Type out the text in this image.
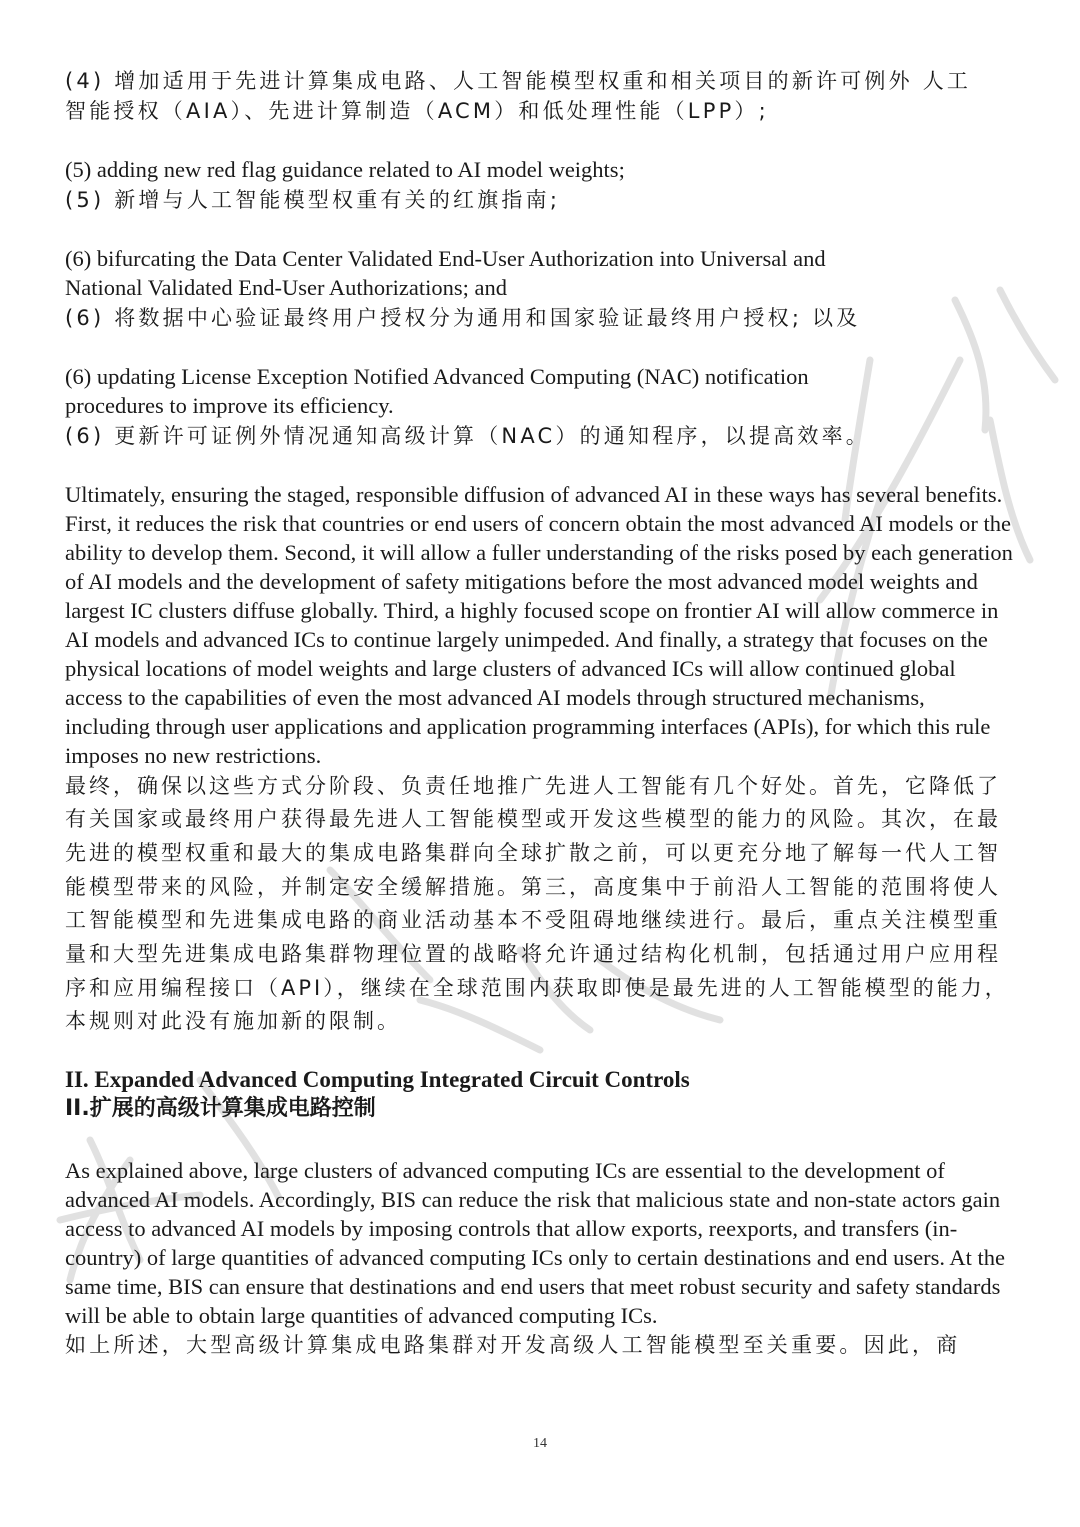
(4) 增加适用于先进计算集成电路、人工智能模型权重和相关项目的新许可例外 人工

智能授权（AIA）、先进计算制造（ACM）和低处理性能（LPP）;

(5) adding new red flag guidance related to AI model weights;

(5) 新增与人工智能模型权重有关的红旗指南;

(6) bifurcating the Data Center Validated End-User Authorization into Universal and

National Validated End-User Authorizations; and

(6) 将数据中心验证最终用户授权分为通用和国家验证最终用户授权; 以及

(6) updating License Exception Notified Advanced Computing (NAC) notification

procedures to improve its efficiency.

(6) 更新许可证例外情况通知高级计算（NAC）的通知程序，以提高效率。

Ultimately, ensuring the staged, responsible diffusion of advanced AI in these ways has several benefits. First, it reduces the risk that countries or end users of concern obtain the most advanced AI models or the ability to develop them. Second, it will allow a fuller understanding of the risks posed by each generation of AI models and the development of safety mitigations before the most advanced model weights and largest IC clusters diffuse globally. Third, a highly focused scope on frontier AI will allow commerce in AI models and advanced ICs to continue largely unimpeded. And finally, a strategy that focuses on the physical locations of model weights and large clusters of advanced ICs will allow continued global access to the capabilities of even the most advanced AI models through structured mechanisms, including through user applications and application programming interfaces (APIs), for which this rule imposes no new restrictions.

最终，确保以这些方式分阶段、负责任地推广先进人工智能有几个好处。首先，它降低了有关国家或最终用户获得最先进人工智能模型或开发这些模型的能力的风险。其次，在最先进的模型权重和最大的集成电路集群向全球扩散之前，可以更充分地了解每一代人工智能模型带来的风险，并制定安全缓解措施。第三，高度集中于前沿人工智能的范围将使人工智能模型和先进集成电路的商业活动基本不受阻碍地继续进行。最后，重点关注模型重量和大型先进集成电路集群物理位置的战略将允许通过结构化机制，包括通过用户应用程序和应用编程接口（API），继续在全球范围内获取即使是最先进的人工智能模型的能力，本规则对此没有施加新的限制。

II. Expanded Advanced Computing Integrated Circuit Controls

II.扩展的高级计算集成电路控制

As explained above, large clusters of advanced computing ICs are essential to the development of advanced AI models. Accordingly, BIS can reduce the risk that malicious state and non-state actors gain access to advanced AI models by imposing controls that allow exports, reexports, and transfers (in-country) of large quantities of advanced computing ICs only to certain destinations and end users. At the same time, BIS can ensure that destinations and end users that meet robust security and safety standards will be able to obtain large quantities of advanced computing ICs.

如上所述，大型高级计算集成电路集群对开发高级人工智能模型至关重要。因此，商

14
